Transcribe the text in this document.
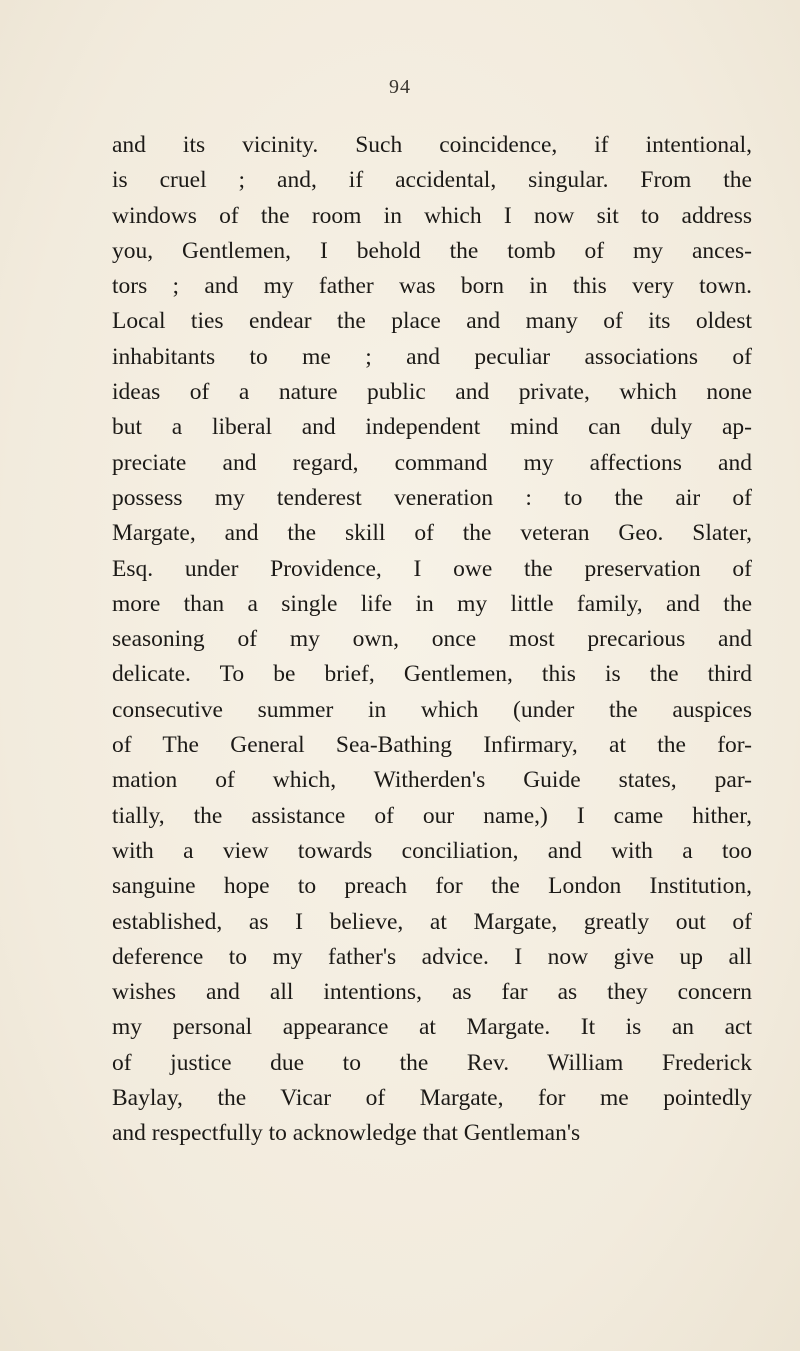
94
and its vicinity. Such coincidence, if intentional,
is cruel ; and, if accidental, singular. From the
windows of the room in which I now sit to address
you, Gentlemen, I behold the tomb of my ances-
tors ; and my father was born in this very town.
Local ties endear the place and many of its oldest
inhabitants to me ; and peculiar associations of
ideas of a nature public and private, which none
but a liberal and independent mind can duly ap-
preciate and regard, command my affections and
possess my tenderest veneration : to the air of
Margate, and the skill of the veteran Geo. Slater,
Esq. under Providence, I owe the preservation of
more than a single life in my little family, and the
seasoning of my own, once most precarious and
delicate. To be brief, Gentlemen, this is the third
consecutive summer in which (under the auspices
of The General Sea-Bathing Infirmary, at the for-
mation of which, Witherden's Guide states, par-
tially, the assistance of our name,) I came hither,
with a view towards conciliation, and with a too
sanguine hope to preach for the London Institution,
established, as I believe, at Margate, greatly out of
deference to my father's advice. I now give up all
wishes and all intentions, as far as they concern
my personal appearance at Margate. It is an act
of justice due to the Rev. William Frederick
Baylay, the Vicar of Margate, for me pointedly
and respectfully to acknowledge that Gentleman's
